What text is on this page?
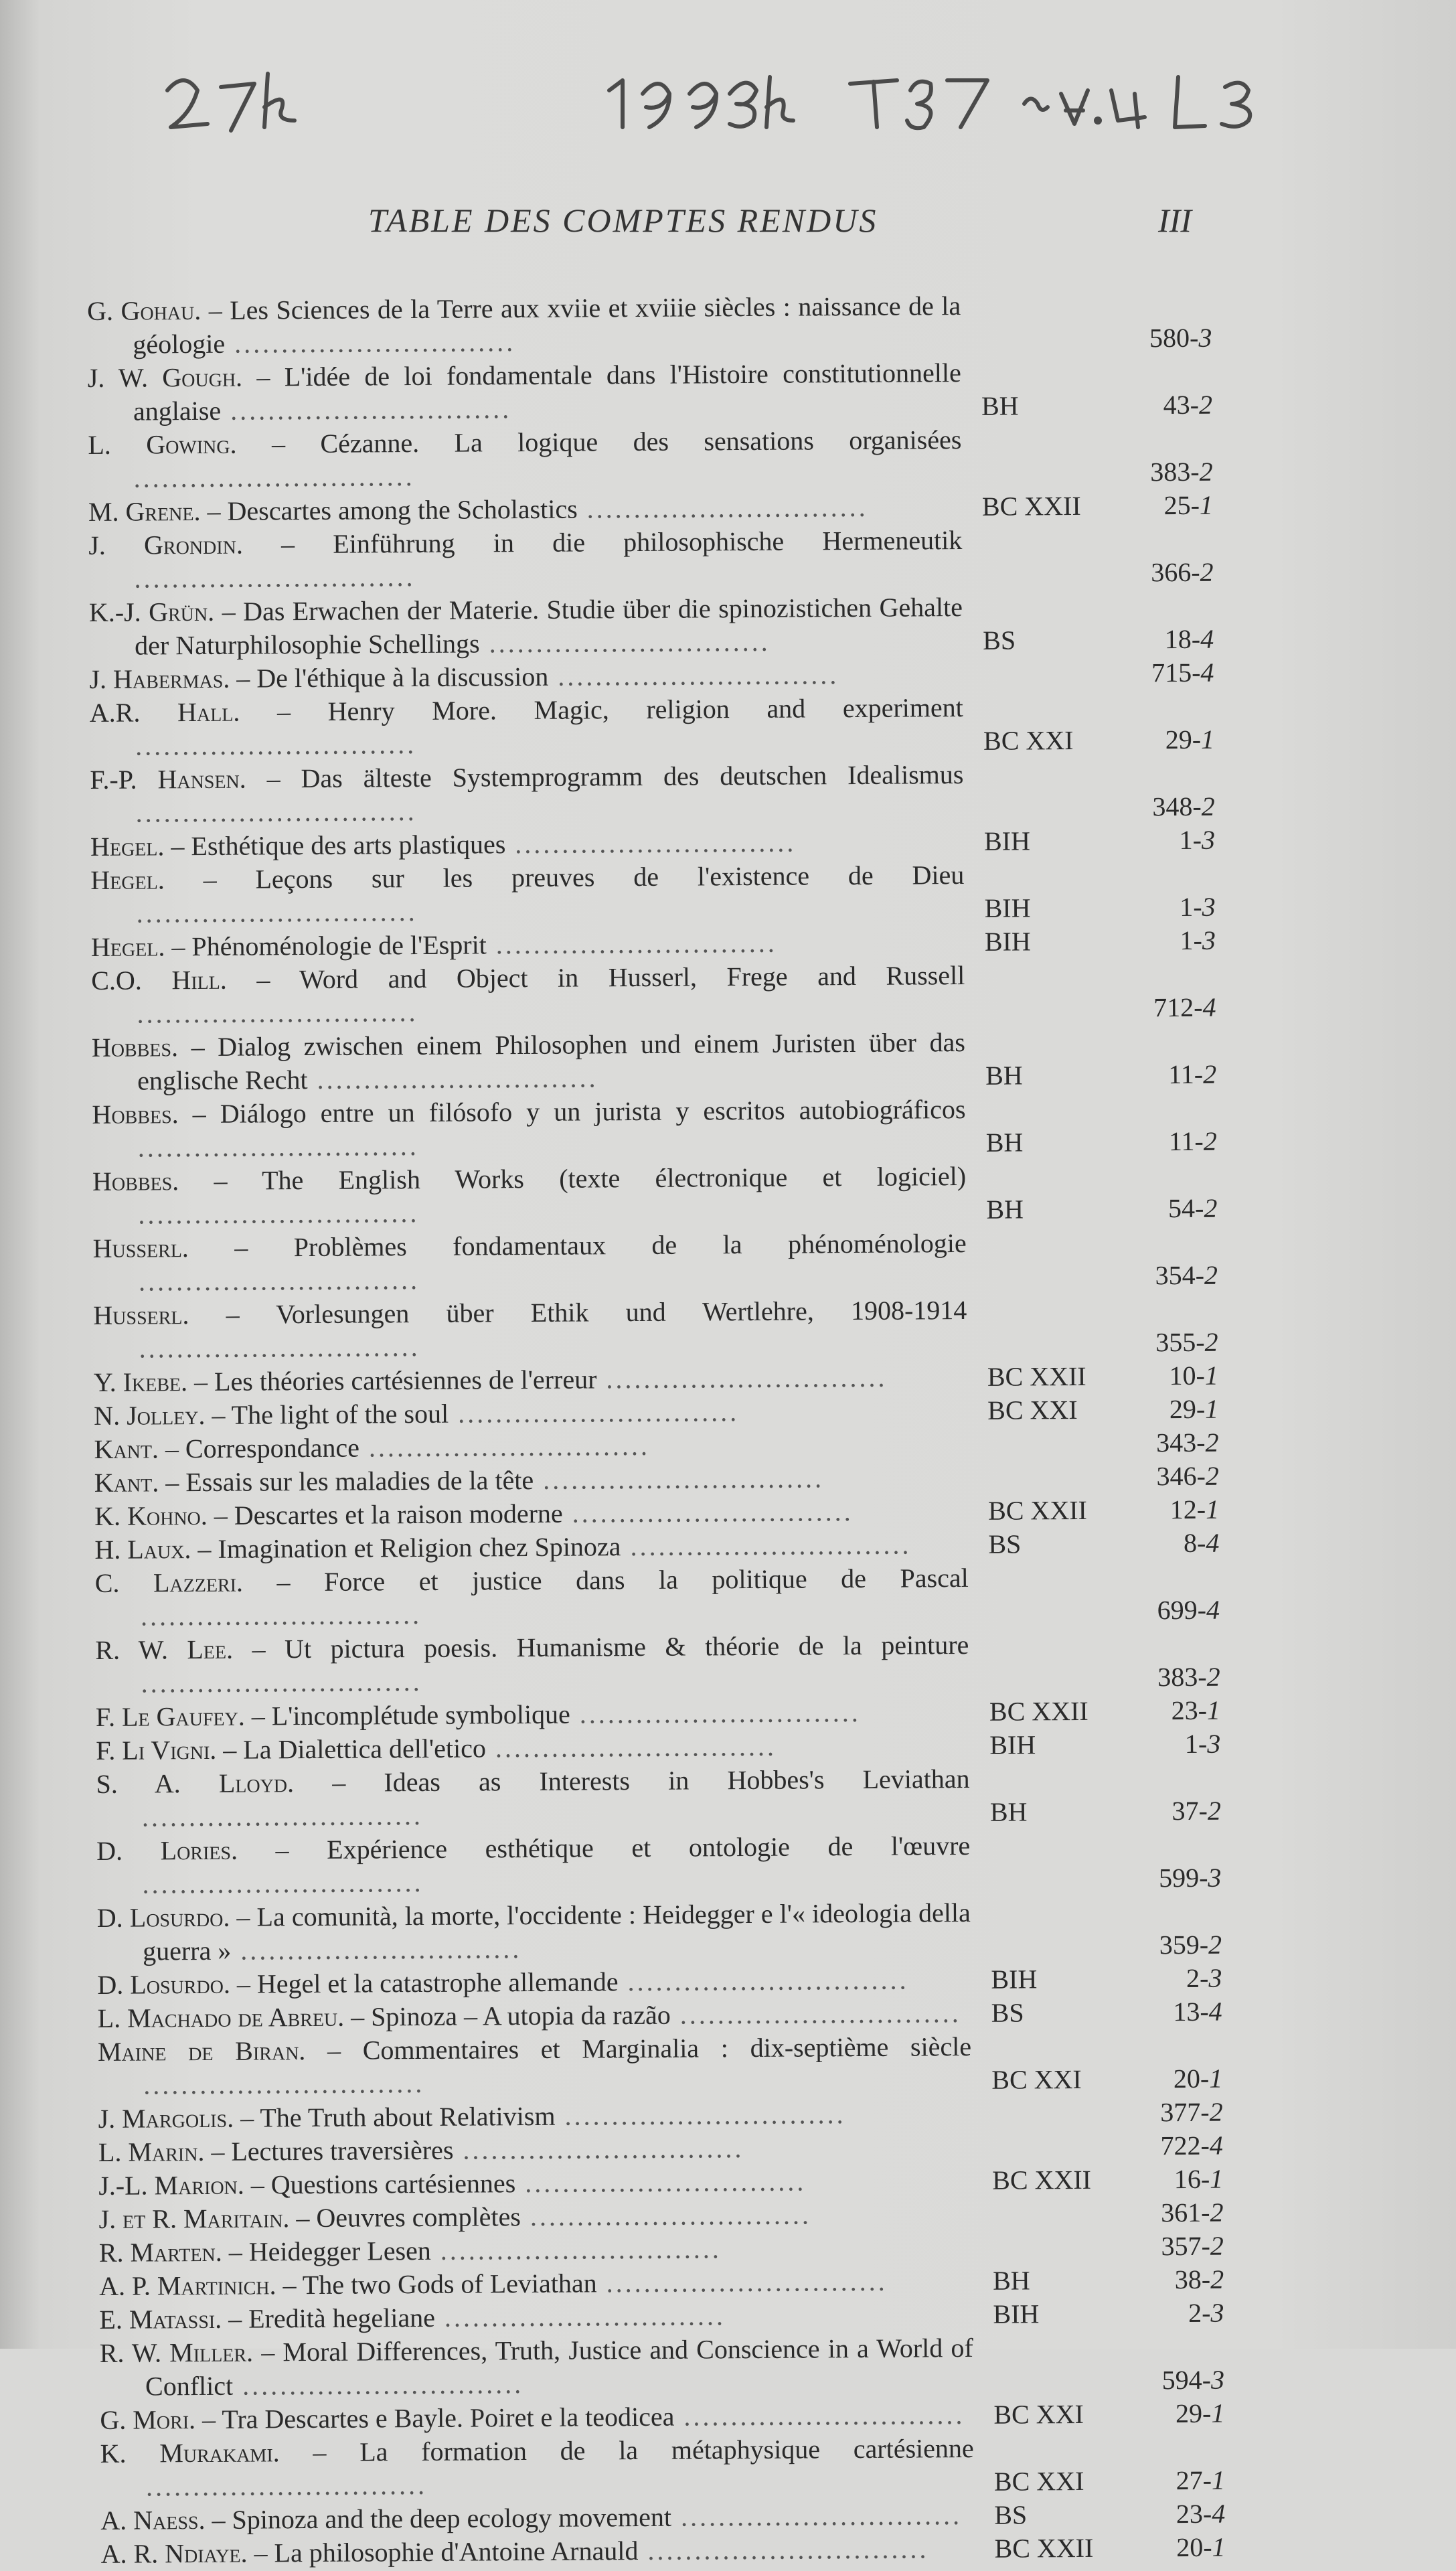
TABLE DES COMPTES RENDUS	III
G. Gohau. – Les Sciences de la Terre aux xviie et xviiie siècles : naissance de la géologie ..............................	580-3
J. W. Gough. – L'idée de loi fondamentale dans l'Histoire constitutionnelle anglaise ..............................	BH	43-2
L. Gowing. – Cézanne. La logique des sensations organisées ..............................	383-2
M. Grene. – Descartes among the Scholastics ..............................	BC XXII	25-1
J. Grondin. – Einführung in die philosophische Hermeneutik ..............................	366-2
K.-J. Grün. – Das Erwachen der Materie. Studie über die spinozistichen Gehalte der Naturphilosophie Schellings ..............................	BS	18-4
J. Habermas. – De l'éthique à la discussion ..............................	715-4
A.R. Hall. – Henry More. Magic, religion and experiment ..............................	BC XXI	29-1
F.-P. Hansen. – Das älteste Systemprogramm des deutschen Idealismus ..............................	348-2
Hegel. – Esthétique des arts plastiques ..............................	BIH	1-3
Hegel. – Leçons sur les preuves de l'existence de Dieu ..............................	BIH	1-3
Hegel. – Phénoménologie de l'Esprit ..............................	BIH	1-3
C.O. Hill. – Word and Object in Husserl, Frege and Russell ..............................	712-4
Hobbes. – Dialog zwischen einem Philosophen und einem Juristen über das englische Recht ..............................	BH	11-2
Hobbes. – Diálogo entre un filósofo y un jurista y escritos autobiográficos ..............................	BH	11-2
Hobbes. – The English Works (texte électronique et logiciel) ..............................	BH	54-2
Husserl. – Problèmes fondamentaux de la phénoménologie ..............................	354-2
Husserl. – Vorlesungen über Ethik und Wertlehre, 1908-1914 ..............................	355-2
Y. Ikebe. – Les théories cartésiennes de l'erreur ..............................	BC XXII	10-1
N. Jolley. – The light of the soul ..............................	BC XXI	29-1
Kant. – Correspondance ..............................	343-2
Kant. – Essais sur les maladies de la tête ..............................	346-2
K. Kohno. – Descartes et la raison moderne ..............................	BC XXII	12-1
H. Laux. – Imagination et Religion chez Spinoza ..............................	BS	8-4
C. Lazzeri. – Force et justice dans la politique de Pascal ..............................	699-4
R. W. Lee. – Ut pictura poesis. Humanisme & théorie de la peinture ..............................	383-2
F. Le Gaufey. – L'incomplétude symbolique ..............................	BC XXII	23-1
F. Li Vigni. – La Dialettica dell'etico ..............................	BIH	1-3
S. A. Lloyd. – Ideas as Interests in Hobbes's Leviathan ..............................	BH	37-2
D. Lories. – Expérience esthétique et ontologie de l'œuvre ..............................	599-3
D. Losurdo. – La comunità, la morte, l'occidente : Heidegger e l'« ideologia della guerra » ..............................	359-2
D. Losurdo. – Hegel et la catastrophe allemande ..............................	BIH	2-3
L. Machado de Abreu. – Spinoza – A utopia da razão ..............................	BS	13-4
Maine de Biran. – Commentaires et Marginalia : dix-septième siècle ..............................	BC XXI	20-1
J. Margolis. – The Truth about Relativism ..............................	377-2
L. Marin. – Lectures traversières ..............................	722-4
J.-L. Marion. – Questions cartésiennes ..............................	BC XXII	16-1
J. et R. Maritain. – Oeuvres complètes ..............................	361-2
R. Marten. – Heidegger Lesen ..............................	357-2
A. P. Martinich. – The two Gods of Leviathan ..............................	BH	38-2
E. Matassi. – Eredità hegeliane ..............................	BIH	2-3
R. W. Miller. – Moral Differences, Truth, Justice and Conscience in a World of Conflict ..............................	594-3
G. Mori. – Tra Descartes e Bayle. Poiret e la teodicea ..............................	BC XXI	29-1
K. Murakami. – La formation de la métaphysique cartésienne ..............................	BC XXI	27-1
A. Naess. – Spinoza and the deep ecology movement ..............................	BS	23-4
A. R. Ndiaye. – La philosophie d'Antoine Arnauld ..............................	BC XXII	20-1
